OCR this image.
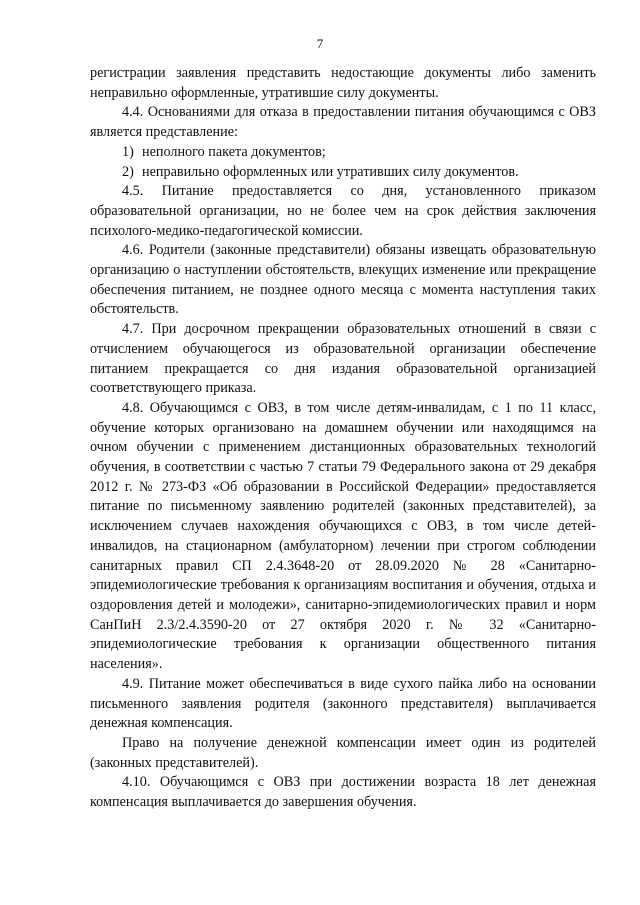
7

регистрации заявления представить недостающие документы либо заменить неправильно оформленные, утратившие силу документы.

4.4. Основаниями для отказа в предоставлении питания обучающимся с ОВЗ является представление:

1) неполного пакета документов;

2) неправильно оформленных или утративших силу документов.

4.5. Питание предоставляется со дня, установленного приказом образовательной организации, но не более чем на срок действия заключения психолого-медико-педагогической комиссии.

4.6. Родители (законные представители) обязаны извещать образовательную организацию о наступлении обстоятельств, влекущих изменение или прекращение обеспечения питанием, не позднее одного месяца с момента наступления таких обстоятельств.

4.7. При досрочном прекращении образовательных отношений в связи с отчислением обучающегося из образовательной организации обеспечение питанием прекращается со дня издания образовательной организацией соответствующего приказа.

4.8. Обучающимся с ОВЗ, в том числе детям-инвалидам, с 1 по 11 класс, обучение которых организовано на домашнем обучении или находящимся на очном обучении с применением дистанционных образовательных технологий обучения, в соответствии с частью 7 статьи 79 Федерального закона от 29 декабря 2012 г. № 273-ФЗ «Об образовании в Российской Федерации» предоставляется питание по письменному заявлению родителей (законных представителей), за исключением случаев нахождения обучающихся с ОВЗ, в том числе детей-инвалидов, на стационарном (амбулаторном) лечении при строгом соблюдении санитарных правил СП 2.4.3648-20 от 28.09.2020 № 28 «Санитарно-эпидемиологические требования к организациям воспитания и обучения, отдыха и оздоровления детей и молодежи», санитарно-эпидемиологических правил и норм СанПиН 2.3/2.4.3590-20 от 27 октября 2020 г. № 32 «Санитарно-эпидемиологические требования к организации общественного питания населения».

4.9. Питание может обеспечиваться в виде сухого пайка либо на основании письменного заявления родителя (законного представителя) выплачивается денежная компенсация.

Право на получение денежной компенсации имеет один из родителей (законных представителей).

4.10. Обучающимся с ОВЗ при достижении возраста 18 лет денежная компенсация выплачивается до завершения обучения.
